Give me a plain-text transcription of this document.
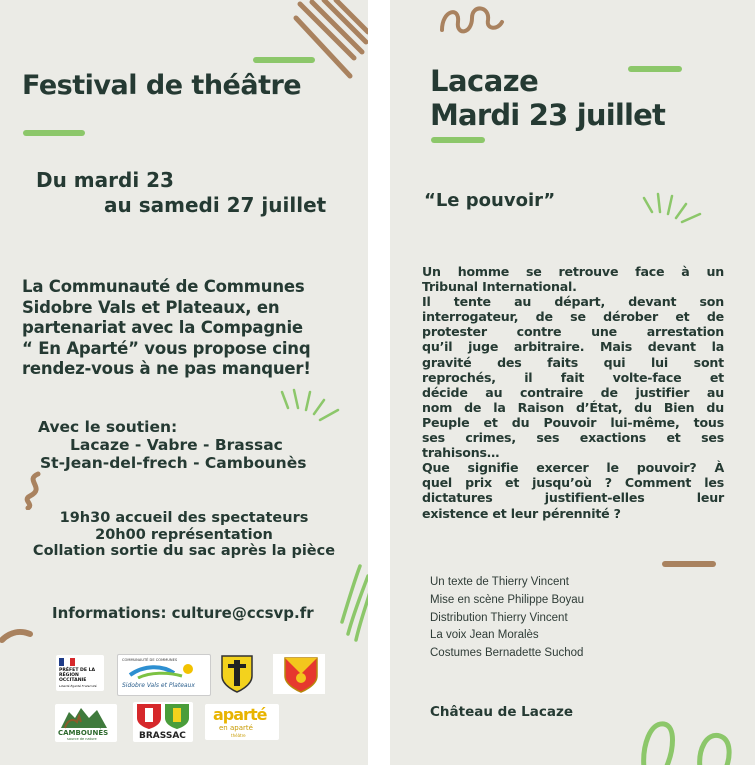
Festival de théâtre
Du mardi 23
au samedi 27 juillet
La Communauté de Communes
Sidobre Vals et Plateaux, en
partenariat avec la Compagnie
“ En Aparté” vous propose cinq
rendez-vous à ne pas manquer!
Avec le soutien:
Lacaze - Vabre - Brassac
St-Jean-del-frech - Cambounès
19h30 accueil des spectateurs
20h00 représentation
Collation sortie du sac après la pièce
Informations: culture@ccsvp.fr
PRÉFET DE LA RÉGION OCCITANIE
Liberté Égalité Fraternité
COMMUNAUTÉ DE COMMUNES
Sidobre Vals et Plateaux
CAMBOUNÈS
source de nature	BRASSAC
aparté
en aparté
théâtre
Lacaze
Mardi 23 juillet
“Le pouvoir”
Un homme se retrouve face à un
Tribunal International.
Il tente au départ, devant son
interrogateur, de se dérober et de
protester contre une arrestation
qu’il juge arbitraire. Mais devant la
gravité des faits qui lui sont
reprochés, il fait volte-face et
décide au contraire de justifier au
nom de la Raison d’État, du Bien du
Peuple et du Pouvoir lui-même, tous
ses crimes, ses exactions et ses
trahisons…
Que signifie exercer le pouvoir? À
quel prix et jusqu’où ? Comment les
dictatures justifient-elles leur
existence et leur pérennité ?
Un texte de Thierry Vincent
Mise en scène Philippe Boyau
Distribution Thierry Vincent
La voix Jean Moralès
Costumes Bernadette Suchod
Château de Lacaze
